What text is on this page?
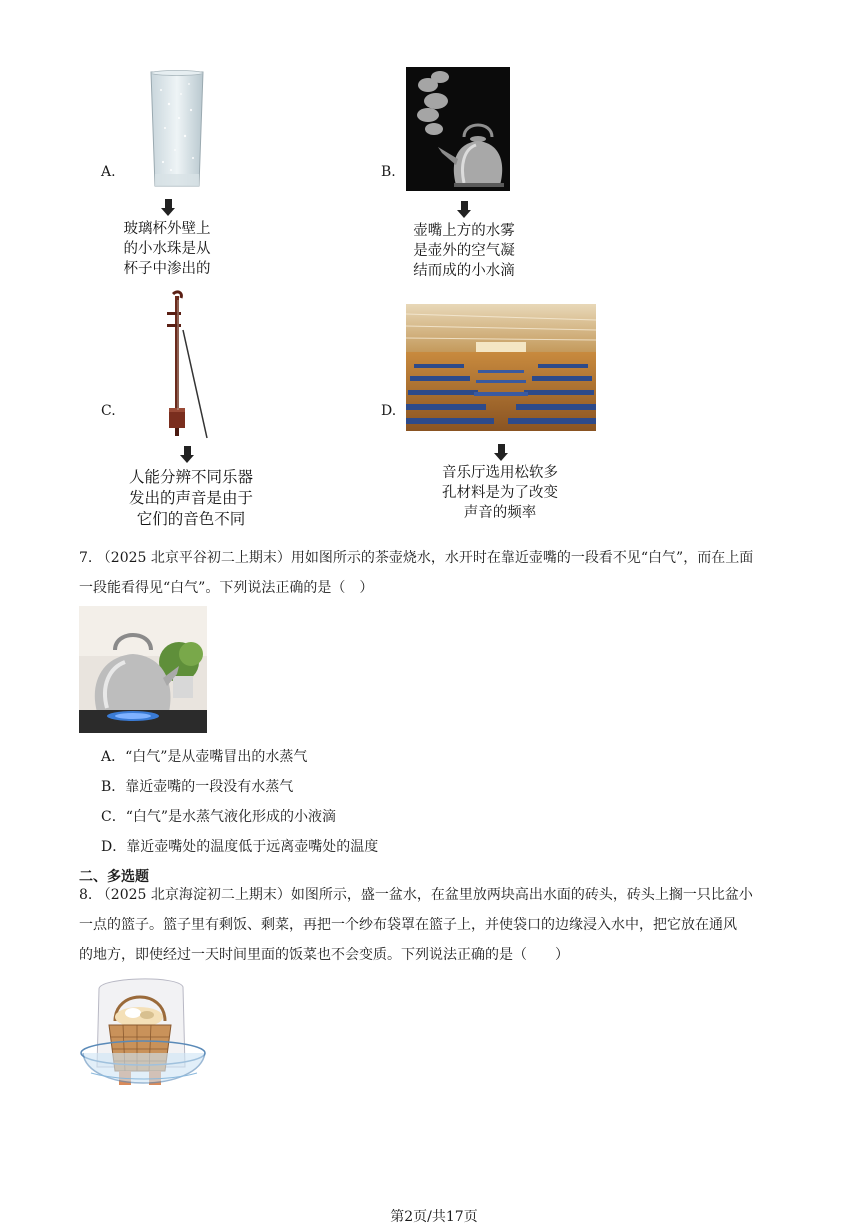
A.
玻璃杯外壁上
的小水珠是从
杯子中渗出的
B.
壶嘴上方的水雾
是壶外的空气凝
结而成的小水滴
C.
人能分辨不同乐器
发出的声音是由于
它们的音色不同
D.
音乐厅选用松软多
孔材料是为了改变
声音的频率
7. （2025 北京平谷初二上期末）用如图所示的茶壶烧水，水开时在靠近壶嘴的一段看不见“白气”，而在上面
一段能看得见“白气”。下列说法正确的是（　）
A．“白气”是从壶嘴冒出的水蒸气
B．靠近壶嘴的一段没有水蒸气
C．“白气”是水蒸气液化形成的小液滴
D．靠近壶嘴处的温度低于远离壶嘴处的温度
二、多选题
8. （2025 北京海淀初二上期末）如图所示，盛一盆水，在盆里放两块高出水面的砖头，砖头上搁一只比盆小
一点的篮子。篮子里有剩饭、剩菜，再把一个纱布袋罩在篮子上，并使袋口的边缘浸入水中，把它放在通风
的地方，即使经过一天时间里面的饭菜也不会变质。下列说法正确的是（　　）
第2页/共17页
